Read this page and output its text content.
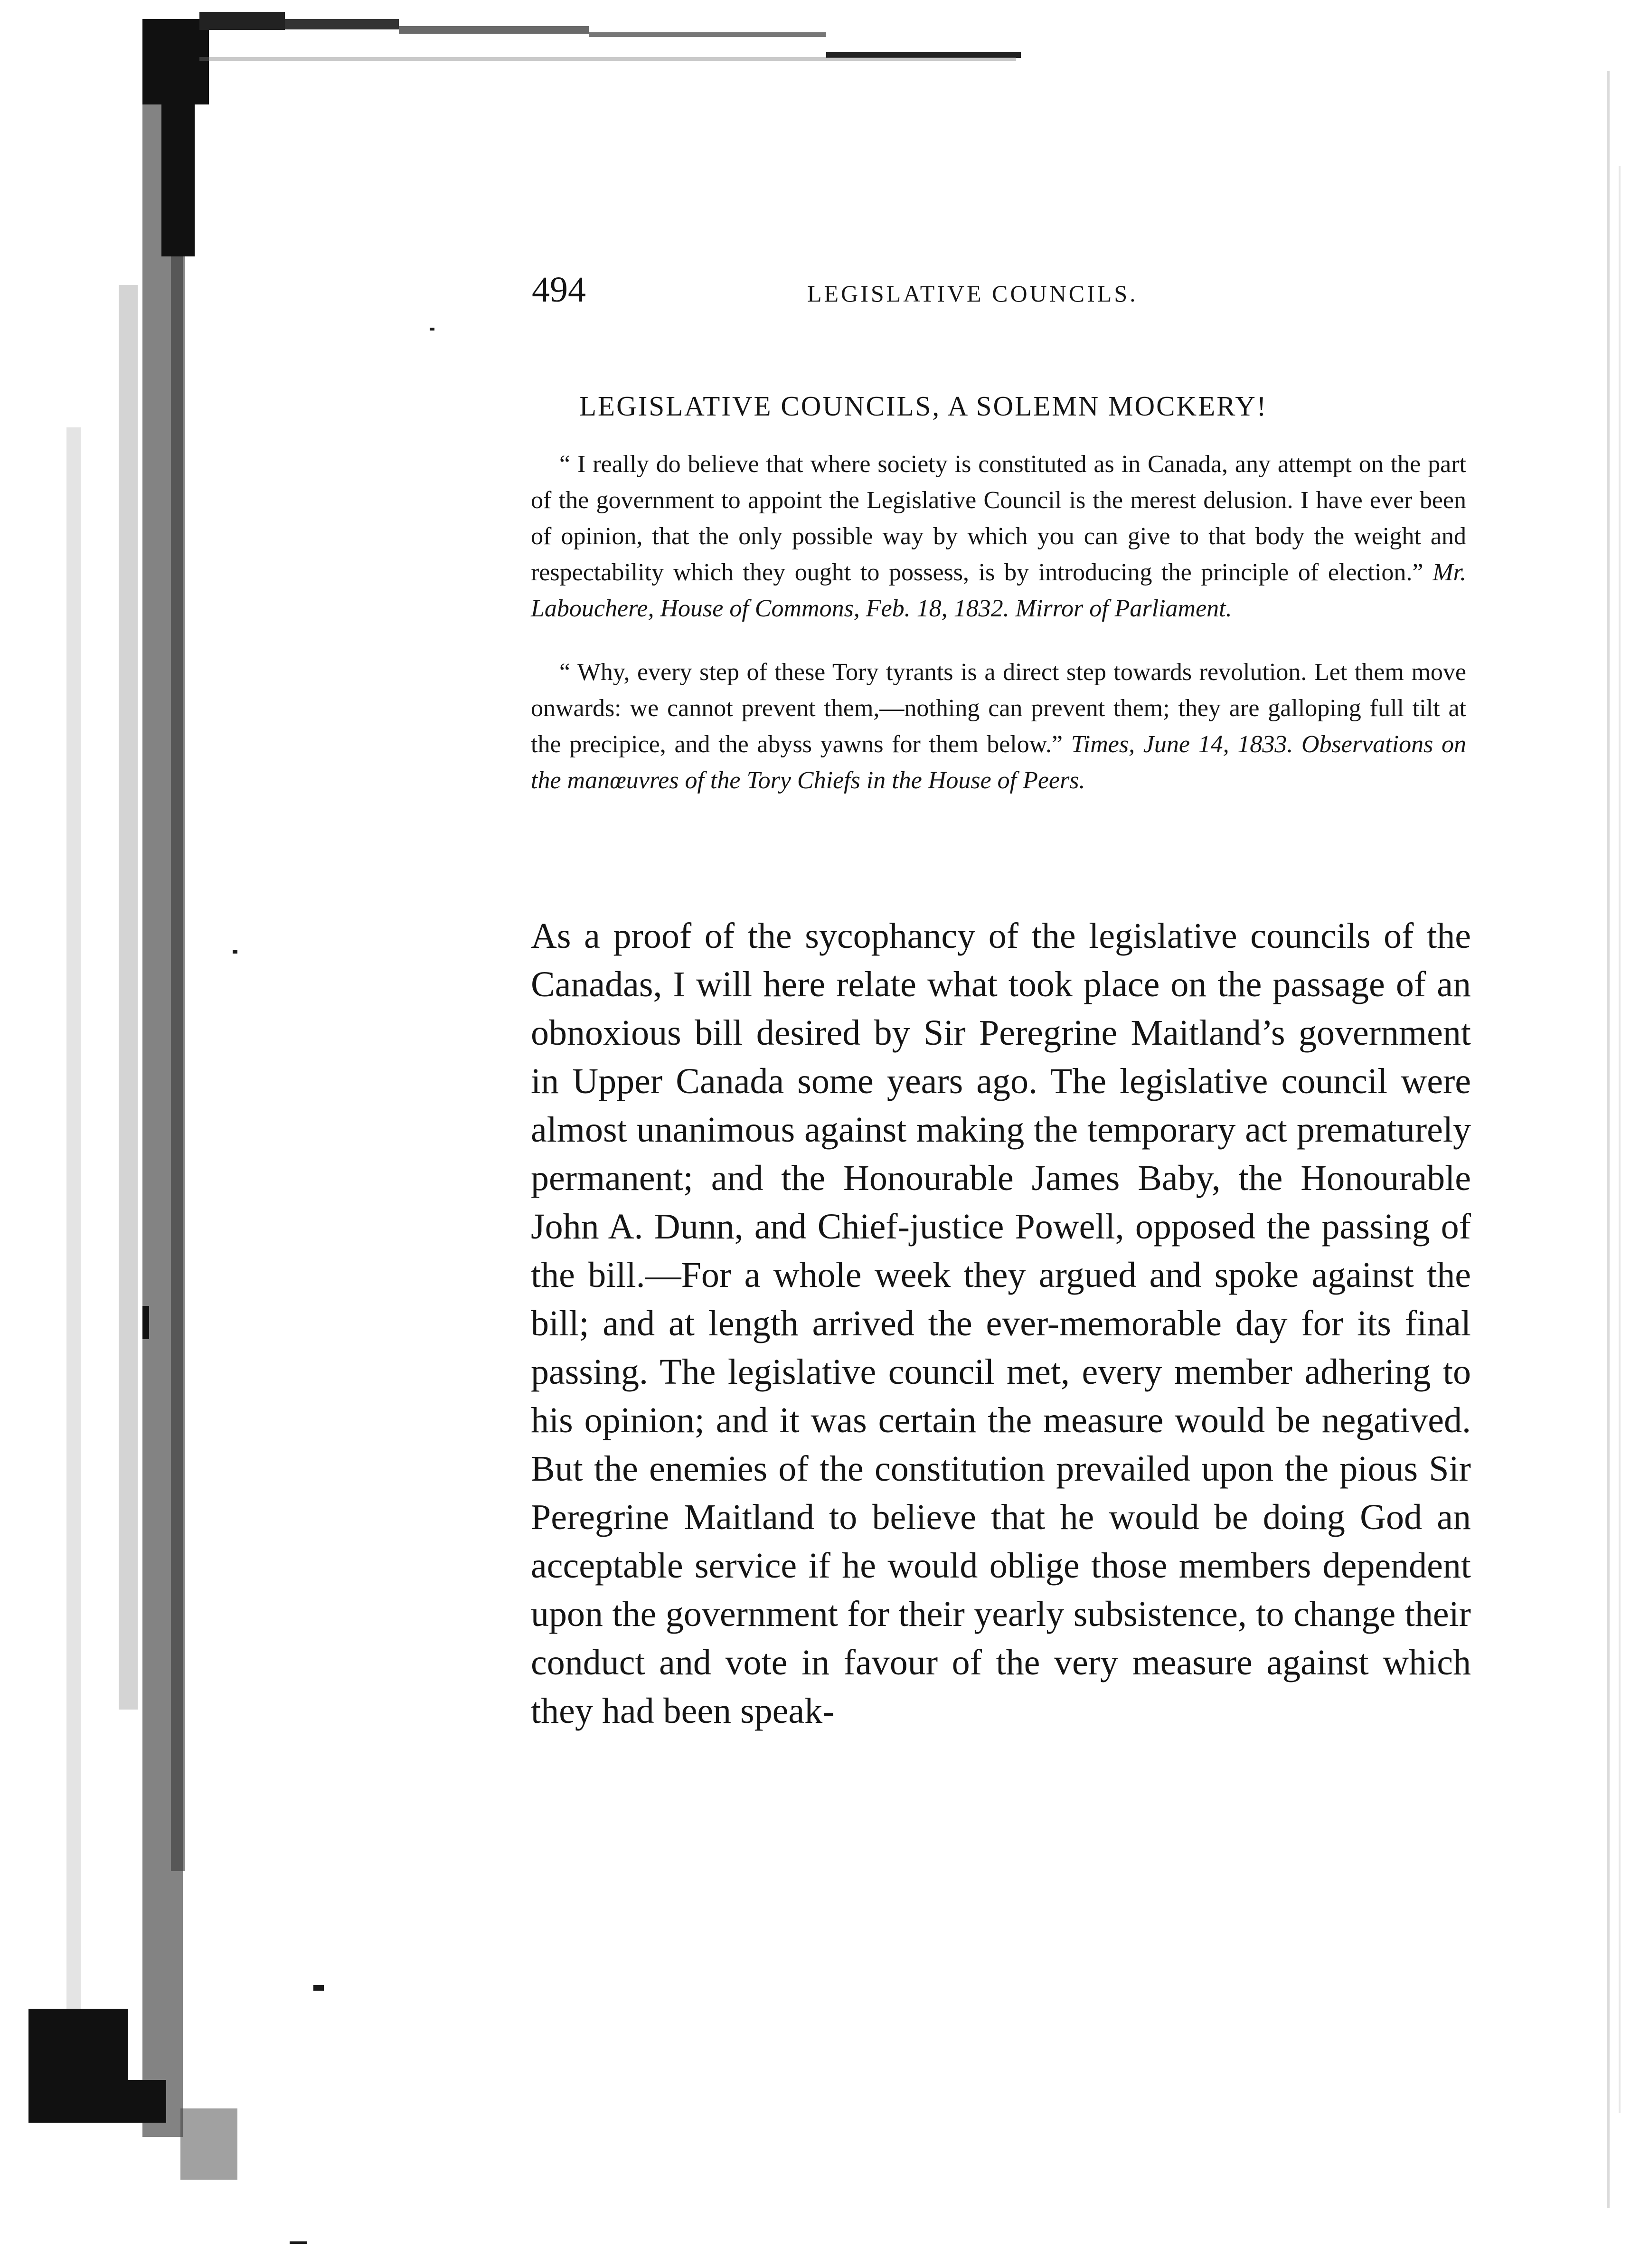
494	LEGISLATIVE COUNCILS.
LEGISLATIVE COUNCILS, A SOLEMN MOCKERY!
“ I really do believe that where society is constituted as in Canada, any attempt on the part of the government to appoint the Legislative Council is the merest delusion. I have ever been of opinion, that the only possible way by which you can give to that body the weight and respectability which they ought to possess, is by introducing the principle of election.” Mr. Labouchere, House of Commons, Feb. 18, 1832. Mirror of Parliament.
“ Why, every step of these Tory tyrants is a direct step towards revolution. Let them move onwards: we cannot prevent them,—nothing can prevent them; they are galloping full tilt at the precipice, and the abyss yawns for them below.” Times, June 14, 1833. Observations on the manœuvres of the Tory Chiefs in the House of Peers.
As a proof of the sycophancy of the legislative councils of the Canadas, I will here relate what took place on the passage of an obnoxious bill desired by Sir Peregrine Maitland’s government in Upper Canada some years ago. The legislative council were almost unanimous against making the temporary act prematurely permanent; and the Honourable James Baby, the Honourable John A. Dunn, and Chief-justice Powell, opposed the passing of the bill.—For a whole week they argued and spoke against the bill; and at length arrived the ever-memorable day for its final passing. The legislative council met, every member adhering to his opinion; and it was certain the measure would be negatived. But the enemies of the constitution prevailed upon the pious Sir Peregrine Maitland to believe that he would be doing God an acceptable service if he would oblige those members dependent upon the government for their yearly subsistence, to change their conduct and vote in favour of the very measure against which they had been speak-
